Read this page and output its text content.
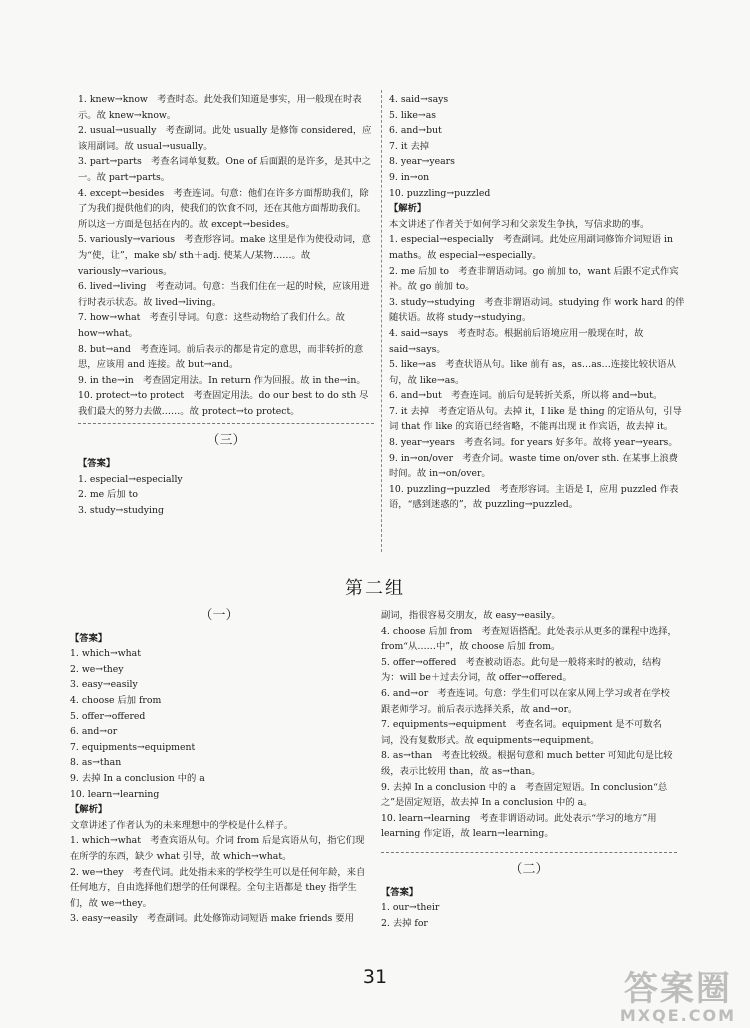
1. knew→know　考查时态。此处我们知道是事实，用一般现在时表示。故 knew→know。

2. usual→usually　考查副词。此处 usually 是修饰 considered，应该用副词。故 usual→usually。

3. part→parts　考查名词单复数。One of 后面跟的是许多，是其中之一。故 part→parts。

4. except→besides　考查连词。句意：他们在许多方面帮助我们，除了为我们提供他们的肉，使我们的饮食不同，还在其他方面帮助我们。所以这一方面是包括在内的。故 except→besides。

5. variously→various　考查形容词。make 这里是作为使役动词，意为“使，让”，make sb/ sth＋adj. 使某人/某物……。故 variously→various。

6. lived→living　考查动词。句意：当我们住在一起的时候，应该用进行时表示状态。故 lived→living。

7. how→what　考查引导词。句意：这些动物给了我们什么。故 how→what。

8. but→and　考查连词。前后表示的都是肯定的意思，而非转折的意思，应该用 and 连接。故 but→and。

9. in the→in　考查固定用法。In return 作为回报。故 in the→in。

10. protect→to protect　考查固定用法。do our best to do sth 尽我们最大的努力去做……。故 protect→to protect。

（三）

【答案】

1. especial→especially

2. me 后加 to

3. study→studying

4. said→says

5. like→as

6. and→but

7. it 去掉

8. year→years

9. in→on

10. puzzling→puzzled

【解析】

本文讲述了作者关于如何学习和父亲发生争执，写信求助的事。

1. especial→especially　考查副词。此处应用副词修饰介词短语 in maths。故 especial→especially。

2. me 后加 to　考查非谓语动词。go 前加 to，want 后跟不定式作宾补。故 go 前加 to。

3. study→studying　考查非谓语动词。studying 作 work hard 的伴随状语。故将 study→studying。

4. said→says　考查时态。根据前后语境应用一般现在时，故 said→says。

5. like→as　考查状语从句。like 前有 as，as…as…连接比较状语从句，故 like→as。

6. and→but　考查连词。前后句是转折关系，所以将 and→but。

7. it 去掉　考查定语从句。去掉 it，I like 是 thing 的定语从句，引导词 that 作 like 的宾语已经省略，不能再出现 it 作宾语，故去掉 it。

8. year→years　考查名词。for years 好多年。故将 year→years。

9. in→on/over　考查介词。waste time on/over sth. 在某事上浪费时间。故 in→on/over。

10. puzzling→puzzled　考查形容词。主语是 I，应用 puzzled 作表语，“感到迷惑的”，故 puzzling→puzzled。

第二组
（一）

【答案】

1. which→what

2. we→they

3. easy→easily

4. choose 后加 from

5. offer→offered

6. and→or

7. equipments→equipment

8. as→than

9. 去掉 In a conclusion 中的 a

10. learn→learning

【解析】

文章讲述了作者认为的未来理想中的学校是什么样子。

1. which→what　考查宾语从句。介词 from 后是宾语从句，指它们现在所学的东西，缺少 what 引导，故 which→what。

2. we→they　考查代词。此处指未来的学校学生可以是任何年龄，来自任何地方，自由选择他们想学的任何课程。全句主语都是 they 指学生们，故 we→they。

3. easy→easily　考查副词。此处修饰动词短语 make friends 要用

副词，指很容易交朋友，故 easy→easily。

4. choose 后加 from　考查短语搭配。此处表示从更多的课程中选择，from“从……中”，故 choose 后加 from。

5. offer→offered　考查被动语态。此句是一般将来时的被动，结构为：will be＋过去分词，故 offer→offered。

6. and→or　考查连词。句意：学生们可以在家从网上学习或者在学校跟老师学习。前后表示选择关系，故 and→or。

7. equipments→equipment　考查名词。equipment 是不可数名词，没有复数形式。故 equipments→equipment。

8. as→than　考查比较级。根据句意和 much better 可知此句是比较级，表示比较用 than，故 as→than。

9. 去掉 In a conclusion 中的 a　考查固定短语。In conclusion“总之”是固定短语，故去掉 In a conclusion 中的 a。

10. learn→learning　考查非谓语动词。此处表示“学习的地方”用 learning 作定语，故 learn→learning。

（二）

【答案】

1. our→their

2. 去掉 for

31	答案圈
MXQE.COM
